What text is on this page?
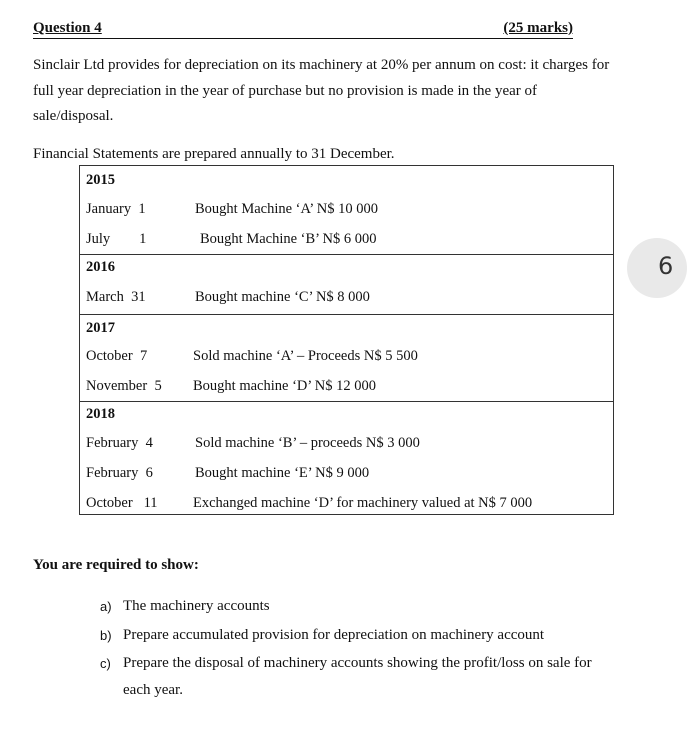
Question 4	(25 marks)
Sinclair Ltd provides for depreciation on its machinery at 20% per annum on cost: it charges for
full year depreciation in the year of purchase but no provision is made in the year of
sale/disposal.
Financial Statements are prepared annually to 31 December.
2015
January  1	Bought Machine ‘A’ N$ 10 000
July        1	Bought Machine ‘B’ N$ 6 000
2016
March  31	Bought machine ‘C’ N$ 8 000
2017
October  7	Sold machine ‘A’ – Proceeds N$ 5 500
November  5 Bought machine ‘D’ N$ 12 000
2018
February  4	Sold machine ‘B’ – proceeds N$ 3 000
February  6	Bought machine ‘E’ N$ 9 000
October   11 Exchanged machine ‘D’ for machinery valued at N$ 7 000
You are required to show:
a) The machinery accounts
b) Prepare accumulated provision for depreciation on machinery account
c) Prepare the disposal of machinery accounts showing the profit/loss on sale for each year.
6
